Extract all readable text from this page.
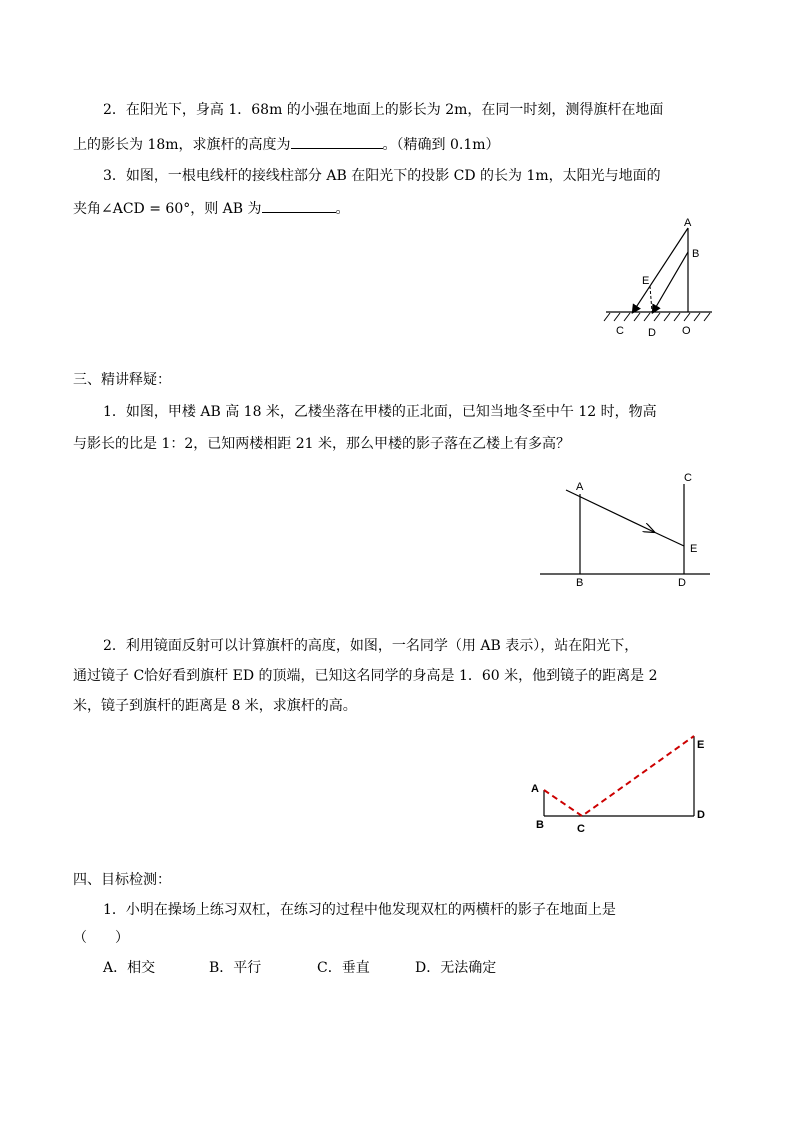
2．在阳光下，身高 1．68m 的小强在地面上的影长为 2m，在同一时刻，测得旗杆在地面
上的影长为 18m，求旗杆的高度为	。（精确到 0.1m）
3．如图，一根电线杆的接线柱部分 AB 在阳光下的投影 CD 的长为 1m，太阳光与地面的
夹角∠ACD = 60°，则 AB 为	。
A
B
E
C D O
三、精讲释疑：
1．如图，甲楼 AB 高 18 米，乙楼坐落在甲楼的正北面，已知当地冬至中午 12 时，物高
与影长的比是 1：2，已知两楼相距 21 米，那么甲楼的影子落在乙楼上有多高？
A
C
E
B	D
2．利用镜面反射可以计算旗杆的高度，如图，一名同学（用 AB 表示），站在阳光下，
通过镜子 C恰好看到旗杆 ED 的顶端，已知这名同学的身高是 1．60 米，他到镜子的距离是 2
米，镜子到旗杆的距离是 8 米，求旗杆的高。
A
B	C
E
D
四、目标检测：
1．小明在操场上练习双杠，在练习的过程中他发现双杠的两横杆的影子在地面上是
（　　）
A．相交	B．平行	C．垂直	D．无法确定
